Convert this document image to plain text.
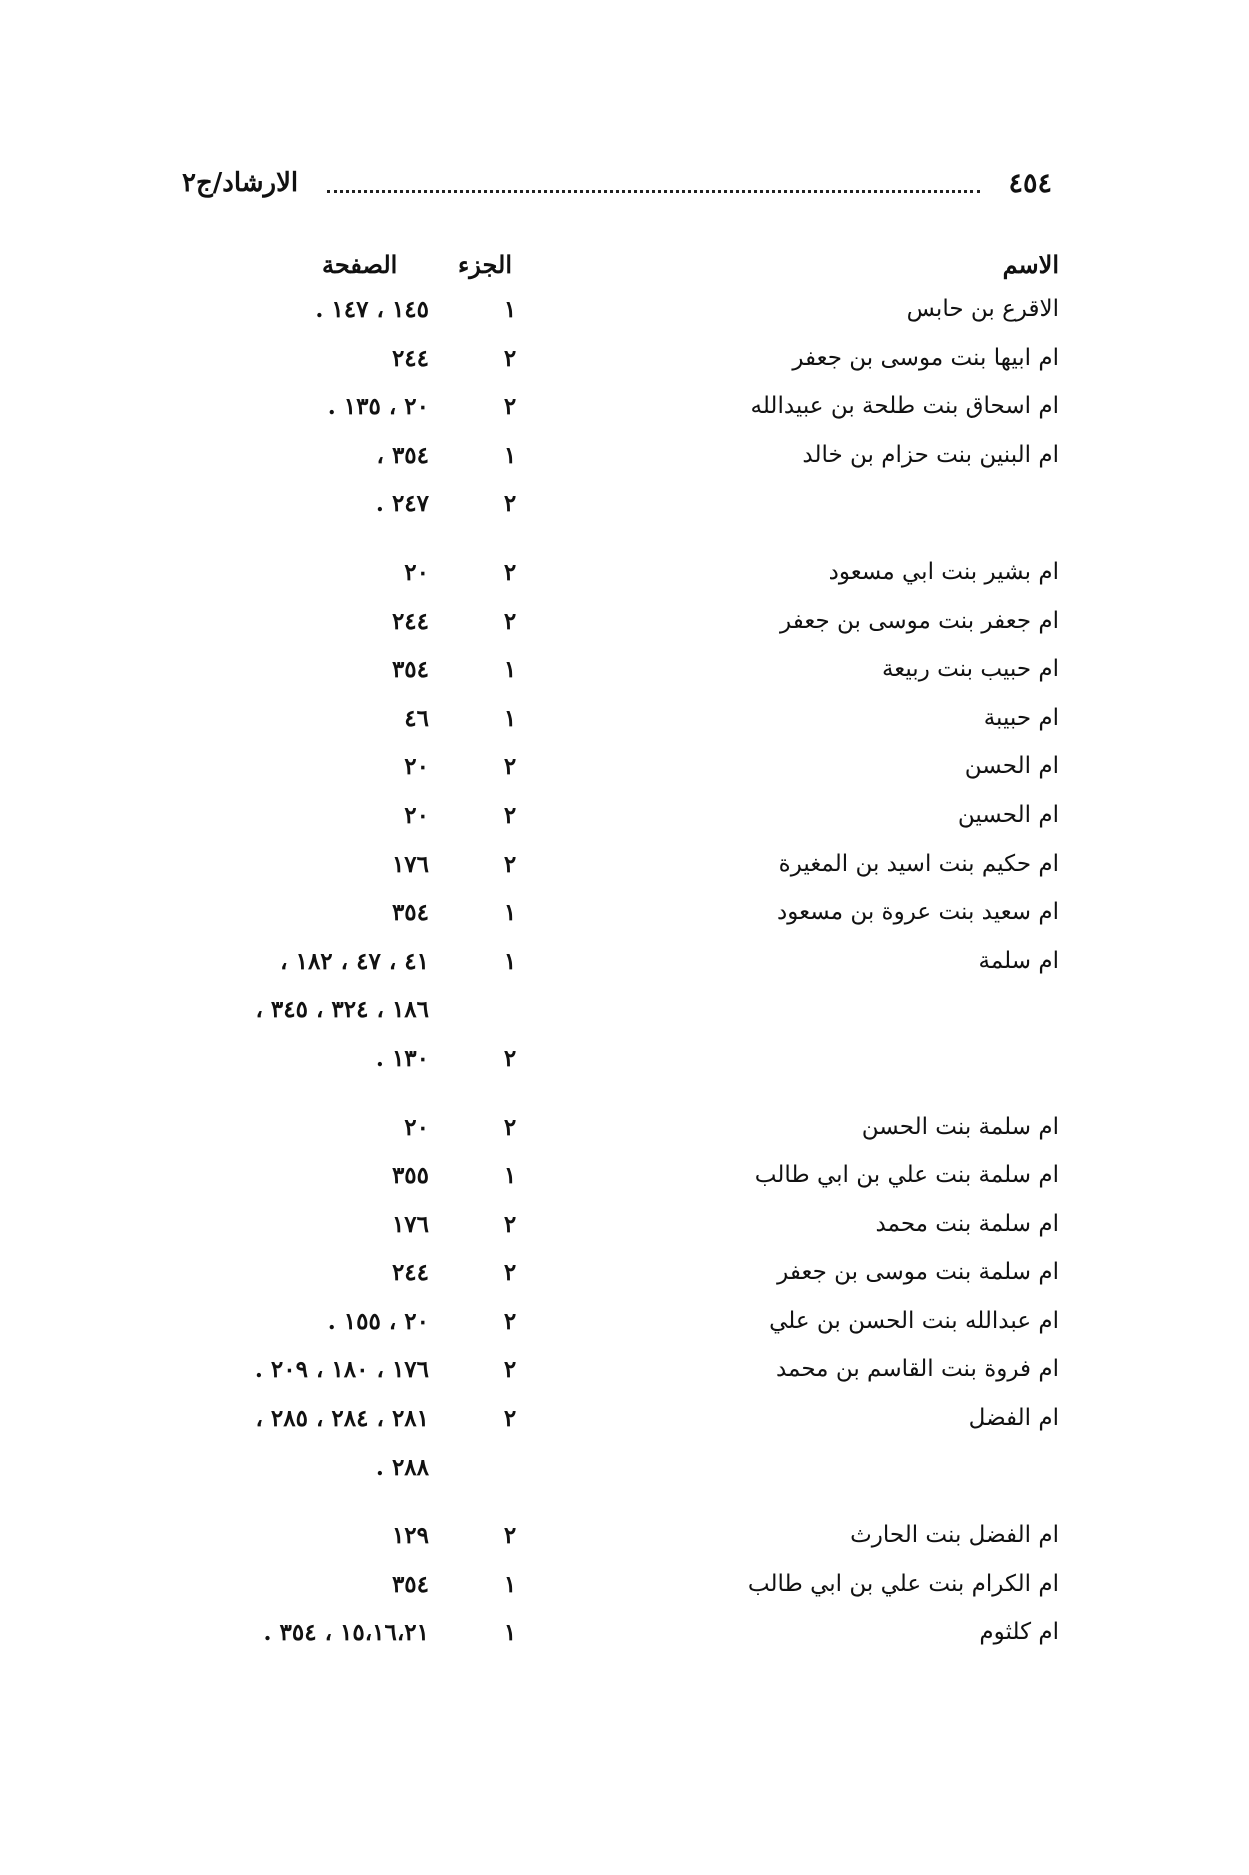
٤٥٤
الارشاد/ج٢
الاسم
الجزء
الصفحة
الاقرع بن حابس
١
١٤٥ ، ١٤٧ .
ام ابيها بنت موسى بن جعفر
٢
٢٤٤
ام اسحاق بنت طلحة بن عبيدالله
٢
٢٠ ، ١٣٥ .
ام البنين بنت حزام بن خالد
١
٣٥٤ ،
٢
٢٤٧ .
ام بشير بنت ابي مسعود
٢
٢٠
ام جعفر بنت موسى بن جعفر
٢
٢٤٤
ام حبيب بنت ربيعة
١
٣٥٤
ام حبيبة
١
٤٦
ام الحسن
٢
٢٠
ام الحسين
٢
٢٠
ام حكيم بنت اسيد بن المغيرة
٢
١٧٦
ام سعيد بنت عروة بن مسعود
١
٣٥٤
ام سلمة
١
٤١ ، ٤٧ ، ١٨٢ ،
١٨٦ ، ٣٢٤ ، ٣٤٥ ،
٢
١٣٠ .
ام سلمة بنت الحسن
٢
٢٠
ام سلمة بنت علي بن ابي طالب
١
٣٥٥
ام سلمة بنت محمد
٢
١٧٦
ام سلمة بنت موسى بن جعفر
٢
٢٤٤
ام عبدالله بنت الحسن بن علي
٢
٢٠ ، ١٥٥ .
ام فروة بنت القاسم بن محمد
٢
١٧٦ ، ١٨٠ ، ٢٠٩ .
ام الفضل
٢
٢٨١ ، ٢٨٤ ، ٢٨٥ ،
٢٨٨ .
ام الفضل بنت الحارث
٢
١٢٩
ام الكرام بنت علي بن ابي طالب
١
٣٥٤
ام كلثوم
١
١٥،١٦،٢١ ، ٣٥٤ .
